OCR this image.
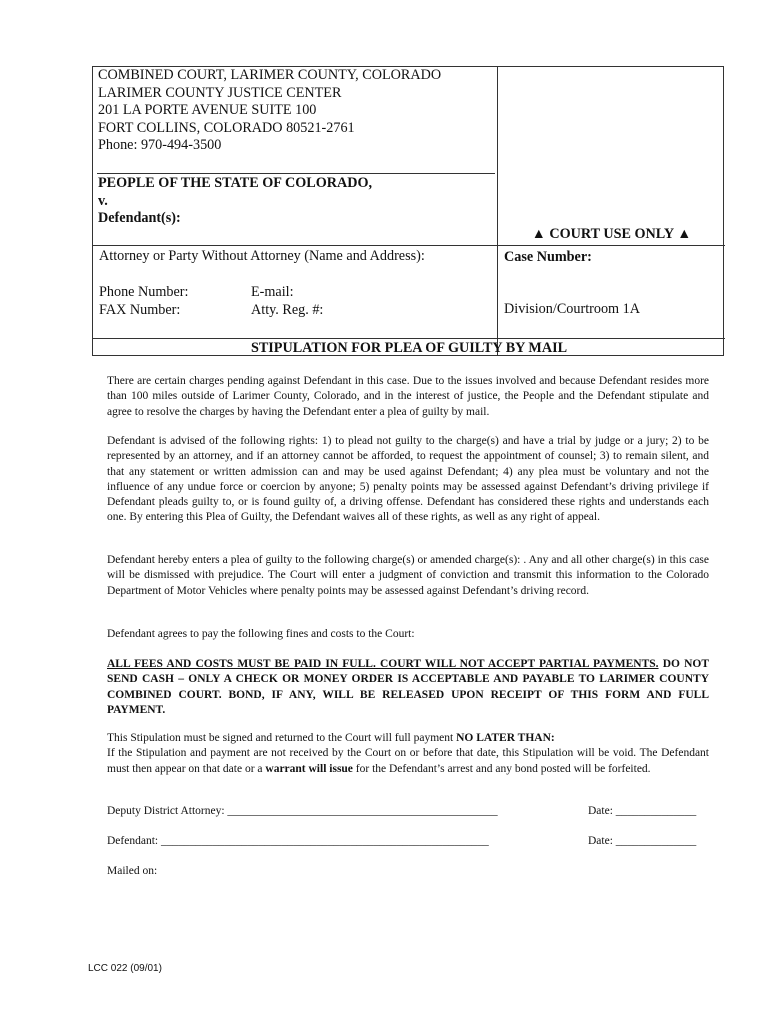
COMBINED COURT, LARIMER COUNTY, COLORADO
LARIMER COUNTY JUSTICE CENTER
201 LA PORTE AVENUE SUITE 100
FORT COLLINS, COLORADO 80521-2761
Phone: 970-494-3500
PEOPLE OF THE STATE OF COLORADO,
v.
Defendant(s):
▲ COURT USE ONLY ▲
Attorney or Party Without Attorney (Name and Address):
Phone Number:
FAX Number:
E-mail:
Atty. Reg. #:
Case Number:
Division/Courtroom 1A
STIPULATION FOR PLEA OF GUILTY BY MAIL
There are certain charges pending against Defendant in this case. Due to the issues involved and because Defendant resides more than 100 miles outside of Larimer County, Colorado, and in the interest of justice, the People and the Defendant stipulate and agree to resolve the charges by having the Defendant enter a plea of guilty by mail.
Defendant is advised of the following rights: 1) to plead not guilty to the charge(s) and have a trial by judge or a jury; 2) to be represented by an attorney, and if an attorney cannot be afforded, to request the appointment of counsel; 3) to remain silent, and that any statement or written admission can and may be used against Defendant; 4) any plea must be voluntary and not the influence of any undue force or coercion by anyone; 5) penalty points may be assessed against Defendant’s driving privilege if Defendant pleads guilty to, or is found guilty of, a driving offense. Defendant has considered these rights and understands each one. By entering this Plea of Guilty, the Defendant waives all of these rights, as well as any right of appeal.
Defendant hereby enters a plea of guilty to the following charge(s) or amended charge(s): . Any and all other charge(s) in this case will be dismissed with prejudice. The Court will enter a judgment of conviction and transmit this information to the Colorado Department of Motor Vehicles where penalty points may be assessed against Defendant’s driving record.
Defendant agrees to pay the following fines and costs to the Court:
ALL FEES AND COSTS MUST BE PAID IN FULL. COURT WILL NOT ACCEPT PARTIAL PAYMENTS. DO NOT SEND CASH – ONLY A CHECK OR MONEY ORDER IS ACCEPTABLE AND PAYABLE TO LARIMER COUNTY COMBINED COURT. BOND, IF ANY, WILL BE RELEASED UPON RECEIPT OF THIS FORM AND FULL PAYMENT.
This Stipulation must be signed and returned to the Court will full payment NO LATER THAN:
If the Stipulation and payment are not received by the Court on or before that date, this Stipulation will be void. The Defendant must then appear on that date or a warrant will issue for the Defendant’s arrest and any bond posted will be forfeited.
Deputy District Attorney: _______________________________________________	Date: ______________
Defendant: _________________________________________________________	Date: ______________
Mailed on:
LCC 022 (09/01)
